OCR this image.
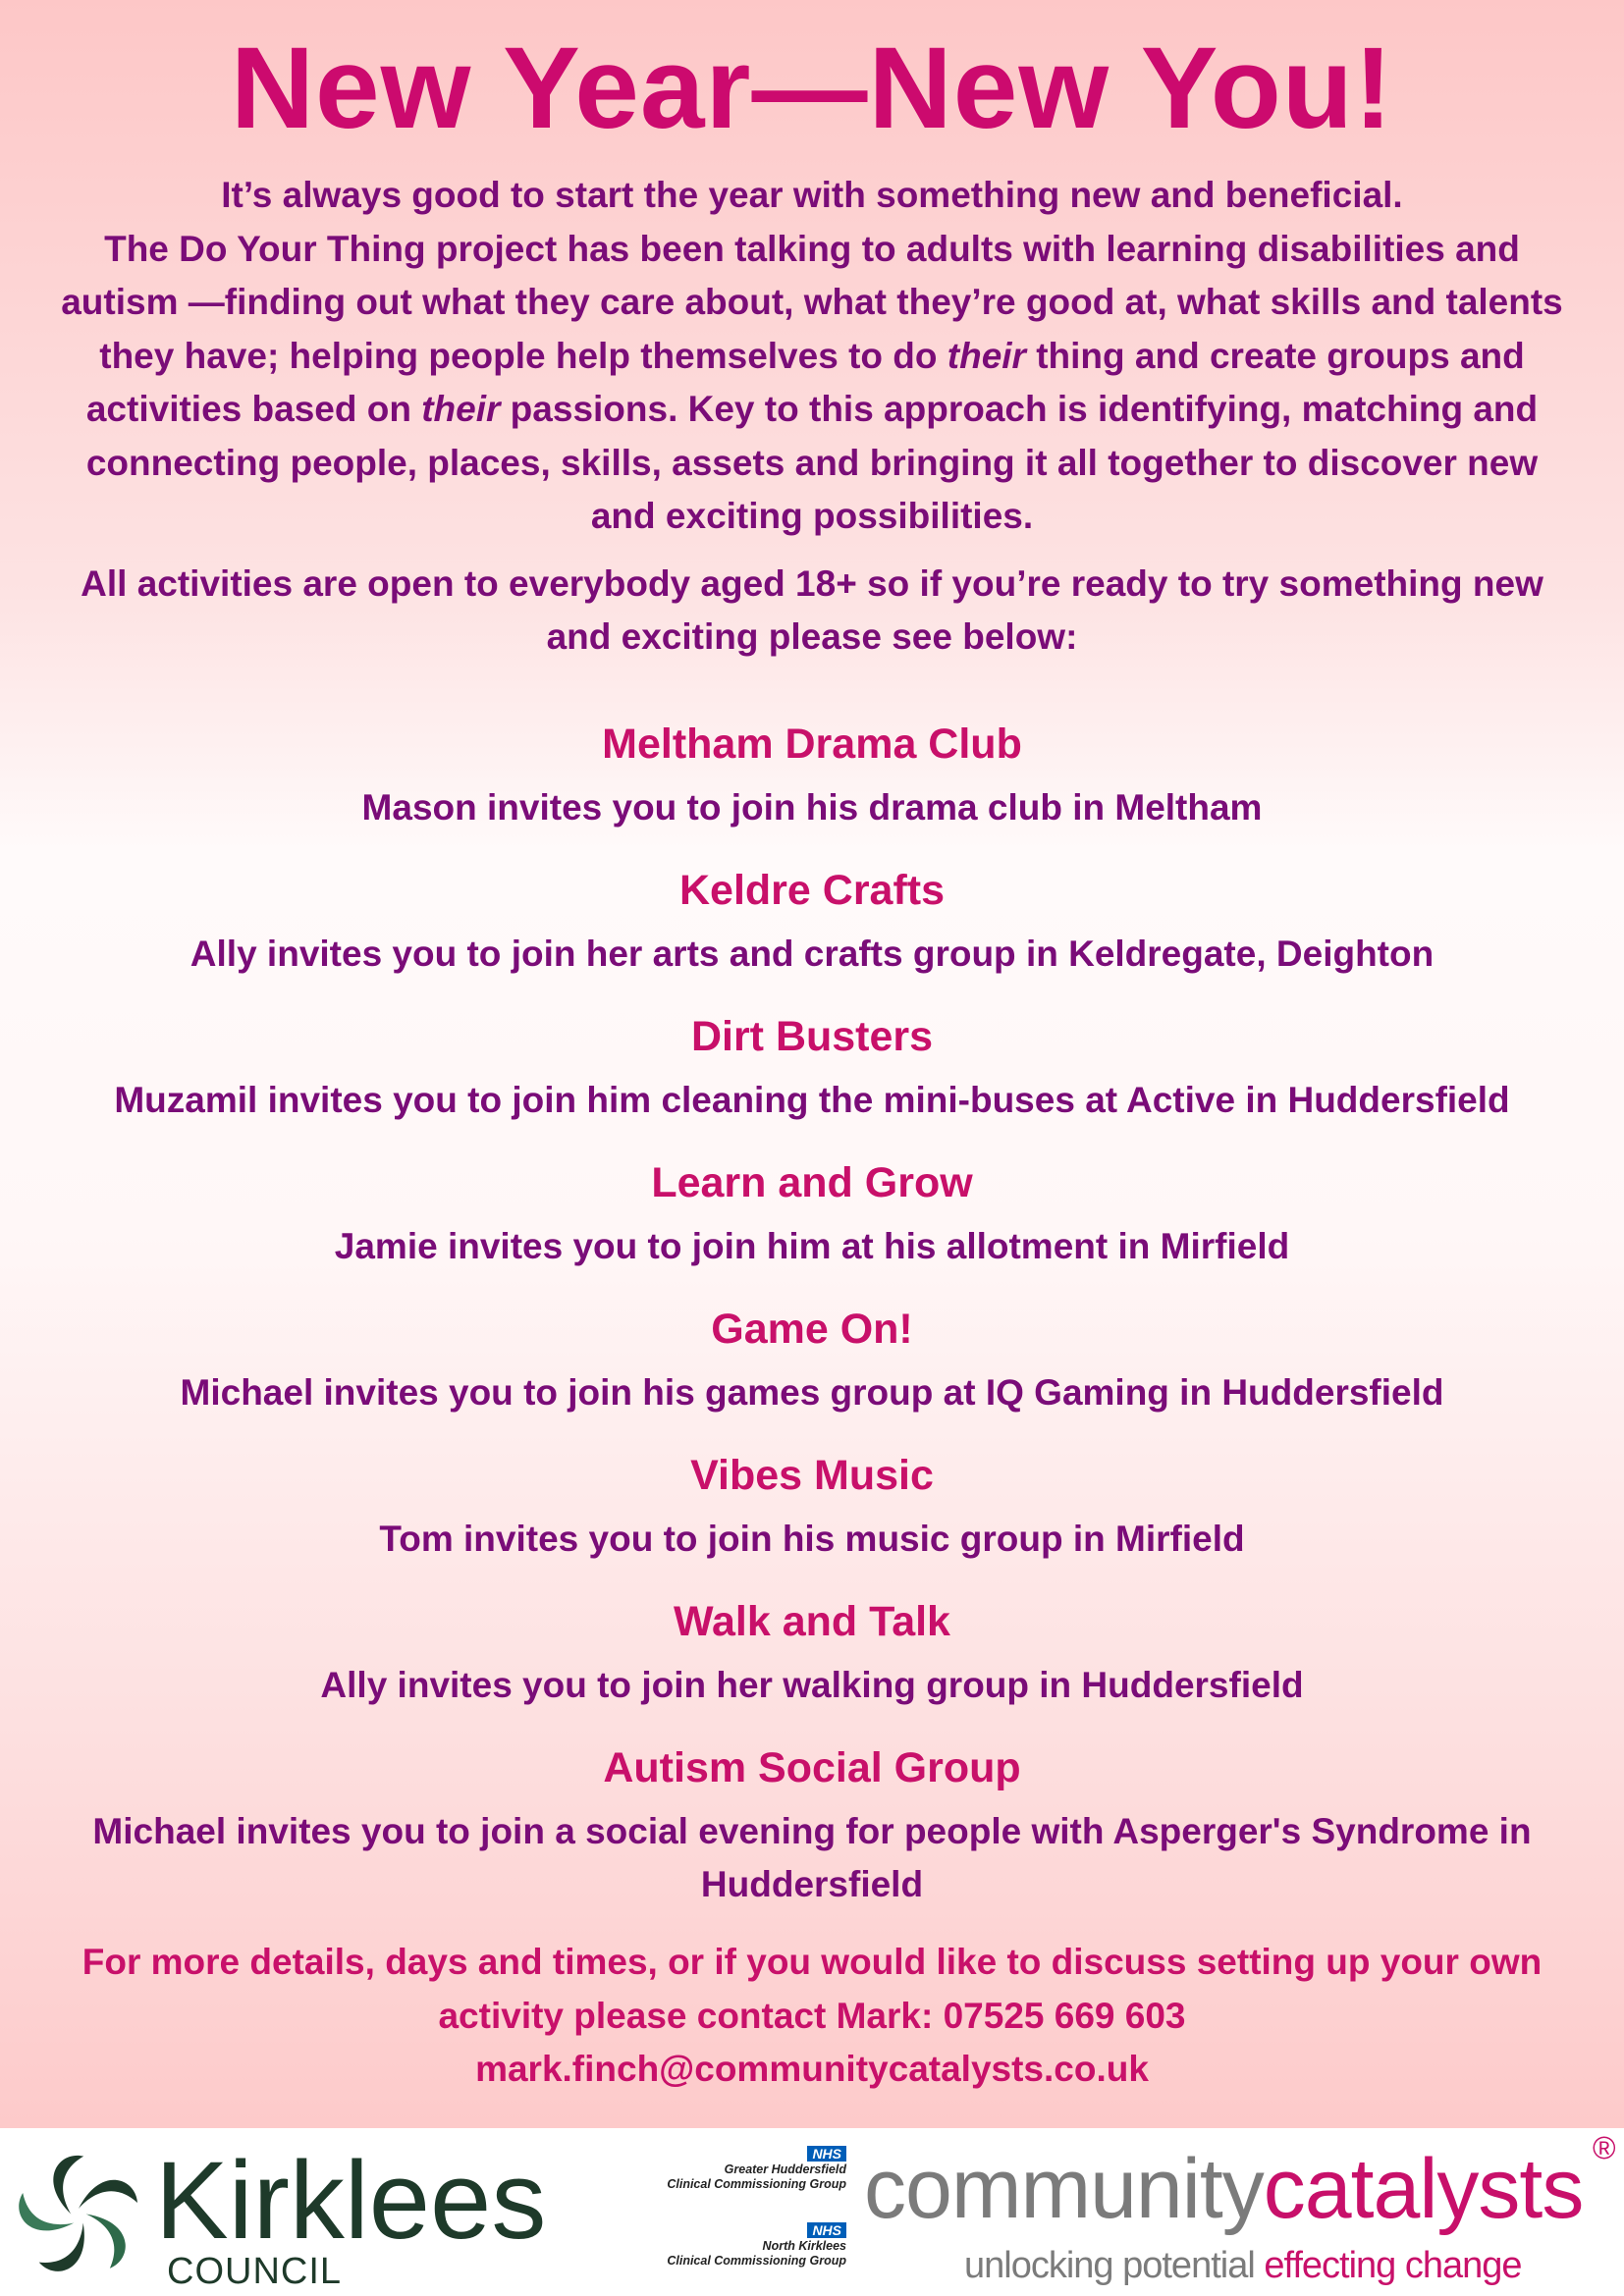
New Year—New You!

It’s always good to start the year with something new and beneficial.

The Do Your Thing project has been talking to adults with learning disabilities and autism —finding out what they care about, what they’re good at, what skills and talents they have; helping people help themselves to do their thing and create groups and activities based on their passions. Key to this approach is identifying, matching and connecting people, places, skills, assets and bringing it all together to discover new and exciting possibilities.

All activities are open to everybody aged 18+ so if you’re ready to try something new and exciting please see below:

Meltham Drama Club
Mason invites you to join his drama club in Meltham
Keldre Crafts
Ally invites you to join her arts and crafts group in Keldregate, Deighton
Dirt Busters
Muzamil invites you to join him cleaning the mini-buses at Active in Huddersfield
Learn and Grow
Jamie invites you to join him at his allotment in Mirfield
Game On!
Michael invites you to join his games group at IQ Gaming in Huddersfield
Vibes Music
Tom invites you to join his music group in Mirfield
Walk and Talk
Ally invites you to join her walking group in Huddersfield
Autism Social Group
Michael invites you to join a social evening for people with Asperger's Syndrome in Huddersfield

For more details, days and times, or if you would like to discuss setting up your own activity please contact Mark: 07525 669 603

mark.finch@communitycatalysts.co.uk

Kirklees
COUNCIL
NHS
Greater Huddersfield
Clinical Commissioning Group
NHS
North Kirklees
Clinical Commissioning Group
communitycatalysts ®
unlocking potential effecting change
